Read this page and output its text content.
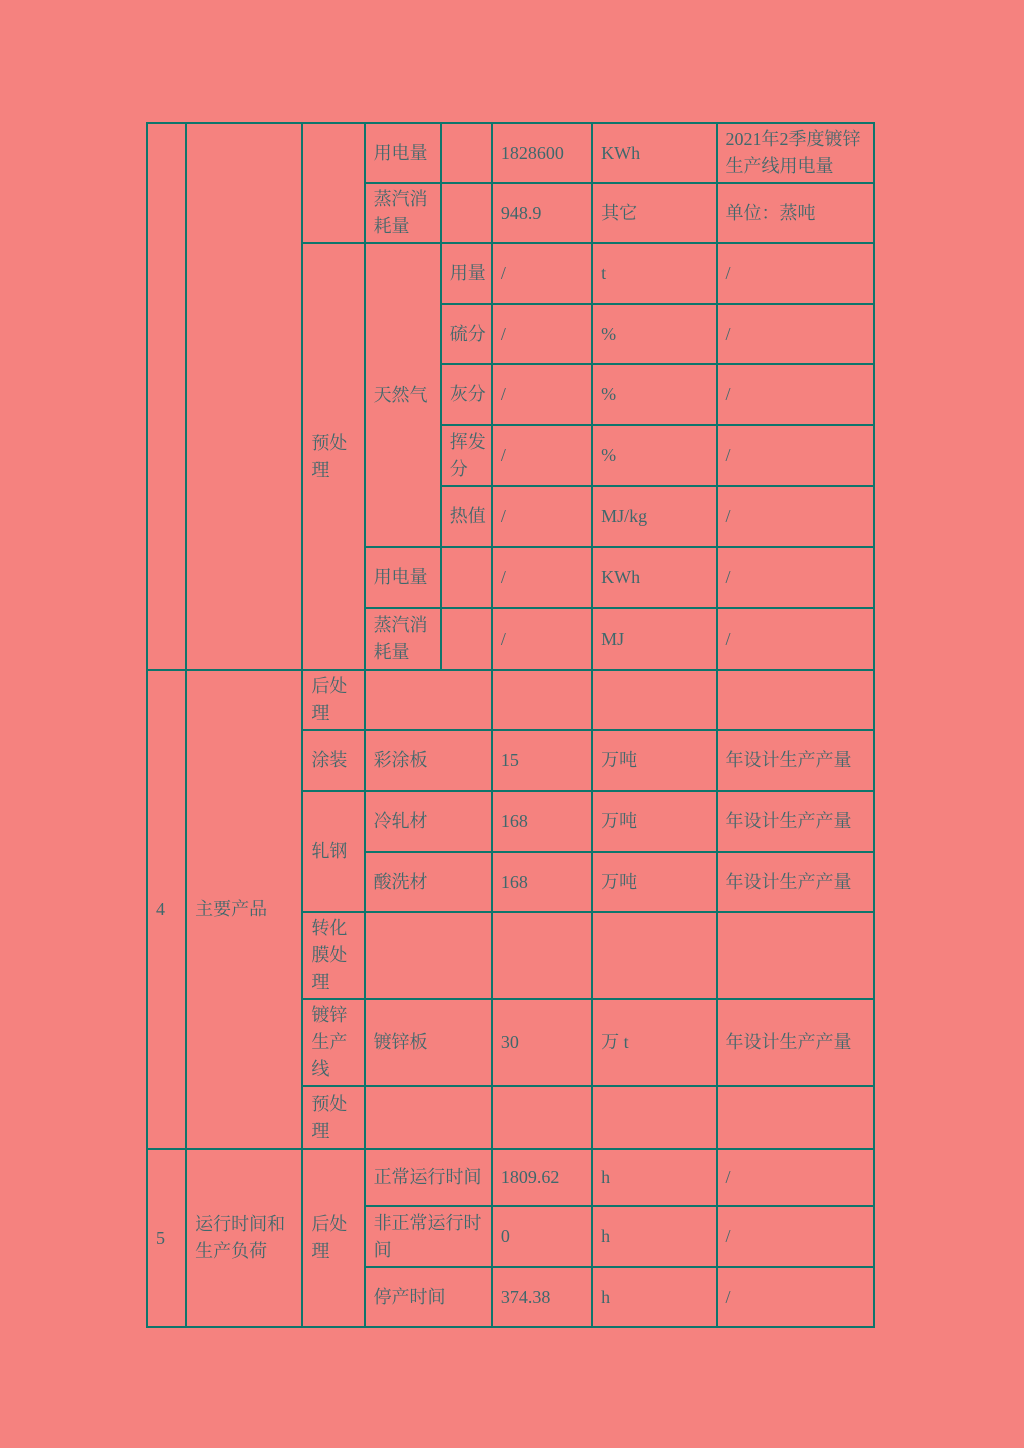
			用电量		1828600	KWh	2021年2季度镀锌生产线用电量
			蒸汽消耗量		948.9	其它	单位：蒸吨
		预处理	天然气	用量	/	t	/
				硫分	/	%	/
				灰分	/	%	/
				挥发分	/	%	/
				热值	/	MJ/kg	/
			用电量		/	KWh	/
			蒸汽消耗量		/	MJ	/
4	主要产品	后处理					
		涂装	彩涂板		15	万吨	年设计生产产量
		轧钢	冷轧材		168	万吨	年设计生产产量
			酸洗材		168	万吨	年设计生产产量
		转化膜处理					
		镀锌生产线	镀锌板		30	万 t	年设计生产产量
		预处理					
5	运行时间和生产负荷	后处理	正常运行时间		1809.62	h	/
			非正常运行时间		0	h	/
			停产时间		374.38	h	/
